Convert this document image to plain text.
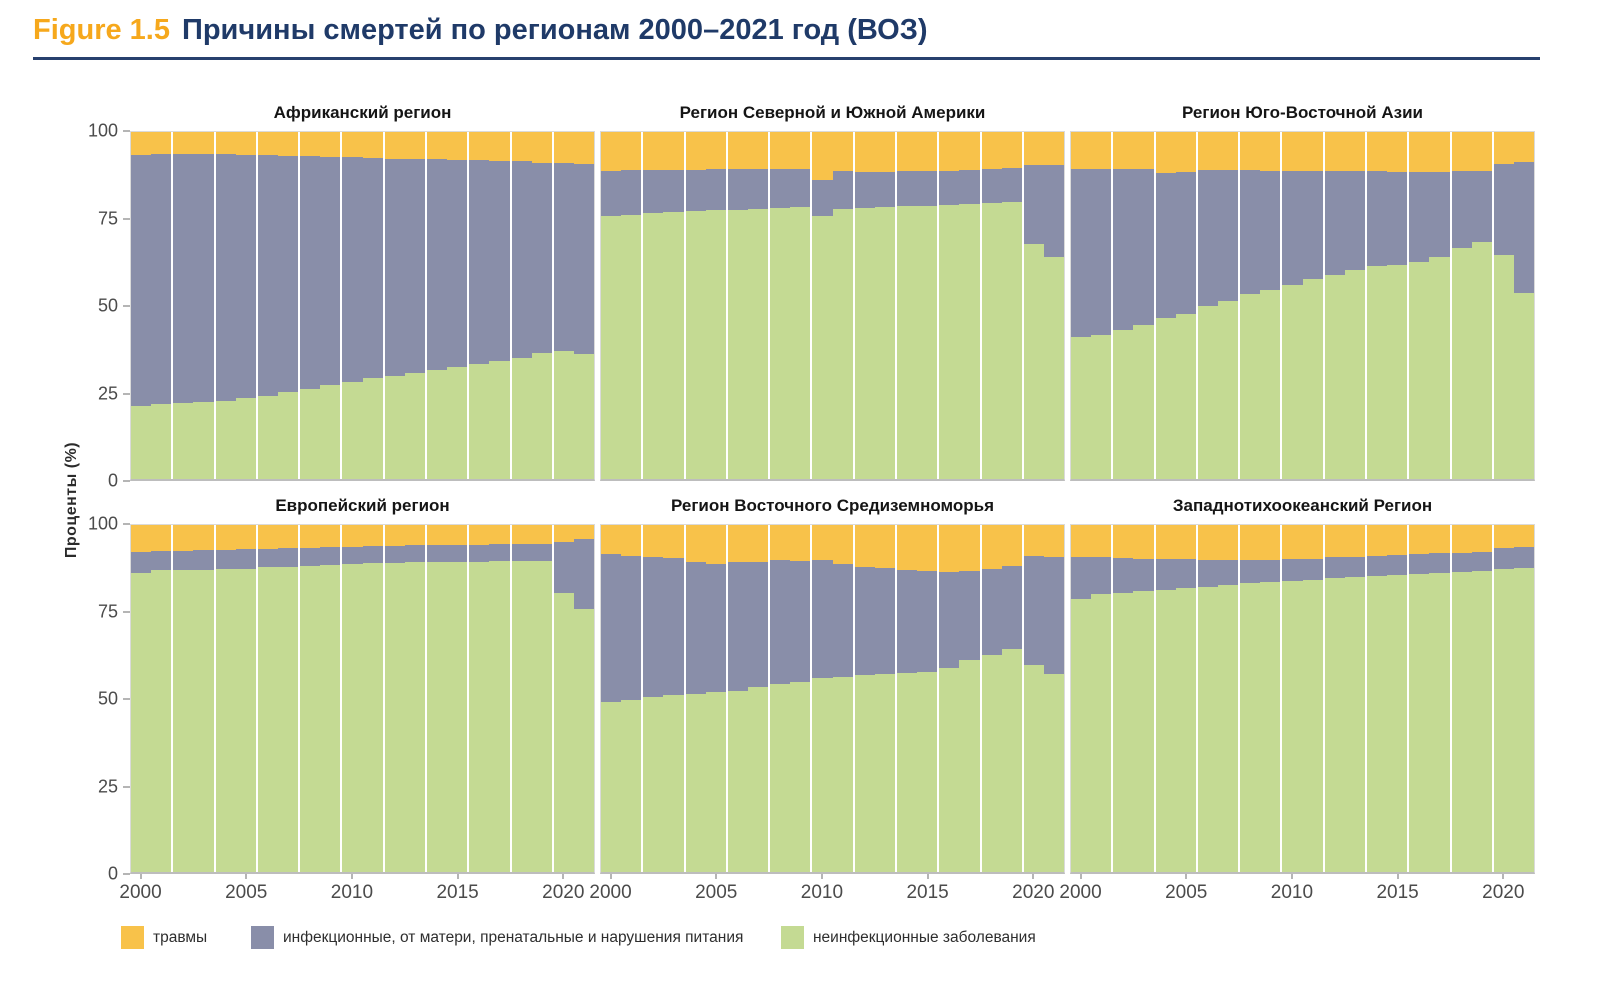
Figure 1.5 Причины смертей по регионам 2000–2021 год (ВОЗ)
Проценты (%)
Африканский регион
0
25
50
75
100
Регион Северной и Южной Америки	Регион Юго-Восточной Азии
Европейский регион
0
25
50
75
100
2000	2005	2010	2015	2020
Регион Восточного Средиземноморья
2000	2005	2010	2015	2020
Западнотихоокеанский Регион
2000	2005	2010	2015	2020
травмы	инфекционные, от матери, пренатальные и нарушения питания	неинфекционные заболевания
